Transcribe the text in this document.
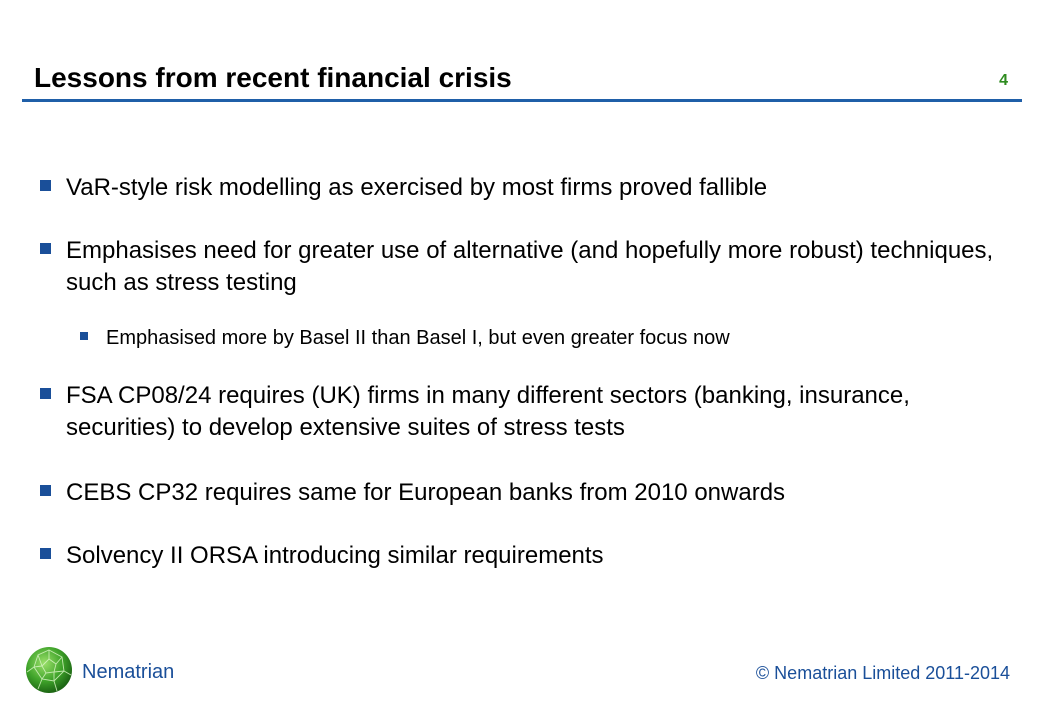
Lessons from recent financial crisis	4
VaR-style risk modelling as exercised by most firms proved fallible
Emphasises need for greater use of alternative (and hopefully more robust) techniques, such as stress testing
Emphasised more by Basel II than Basel I, but even greater focus now
FSA CP08/24 requires (UK) firms in many different sectors (banking, insurance, securities) to develop extensive suites of stress tests
CEBS CP32 requires same for European banks from 2010 onwards
Solvency II ORSA introducing similar requirements
Nematrian	© Nematrian Limited 2011-2014
